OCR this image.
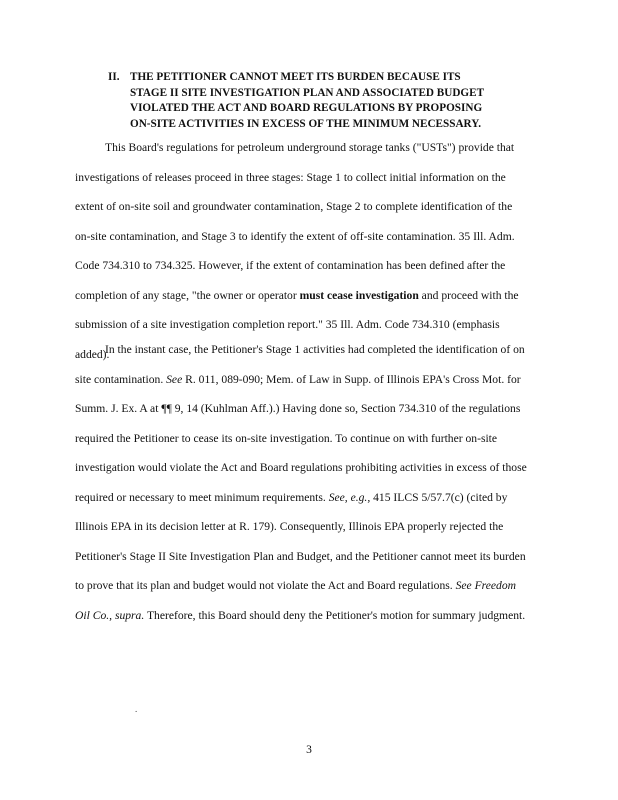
II. THE PETITIONER CANNOT MEET ITS BURDEN BECAUSE ITS
STAGE II SITE INVESTIGATION PLAN AND ASSOCIATED BUDGET
VIOLATED THE ACT AND BOARD REGULATIONS BY PROPOSING
ON-SITE ACTIVITIES IN EXCESS OF THE MINIMUM NECESSARY.
This Board's regulations for petroleum underground storage tanks ("USTs") provide that
investigations of releases proceed in three stages: Stage 1 to collect initial information on the
extent of on-site soil and groundwater contamination, Stage 2 to complete identification of the
on-site contamination, and Stage 3 to identify the extent of off-site contamination. 35 Ill. Adm.
Code 734.310 to 734.325. However, if the extent of contamination has been defined after the
completion of any stage, "the owner or operator must cease investigation and proceed with the
submission of a site investigation completion report." 35 Ill. Adm. Code 734.310 (emphasis
added).
In the instant case, the Petitioner's Stage 1 activities had completed the identification of on
site contamination. See R. 011, 089-090; Mem. of Law in Supp. of Illinois EPA's Cross Mot. for
Summ. J. Ex. A at ¶¶ 9, 14 (Kuhlman Aff.).) Having done so, Section 734.310 of the regulations
required the Petitioner to cease its on-site investigation. To continue on with further on-site
investigation would violate the Act and Board regulations prohibiting activities in excess of those
required or necessary to meet minimum requirements. See, e.g., 415 ILCS 5/57.7(c) (cited by
Illinois EPA in its decision letter at R. 179). Consequently, Illinois EPA properly rejected the
Petitioner's Stage II Site Investigation Plan and Budget, and the Petitioner cannot meet its burden
to prove that its plan and budget would not violate the Act and Board regulations. See Freedom
Oil Co., supra. Therefore, this Board should deny the Petitioner's motion for summary judgment.
.
3
